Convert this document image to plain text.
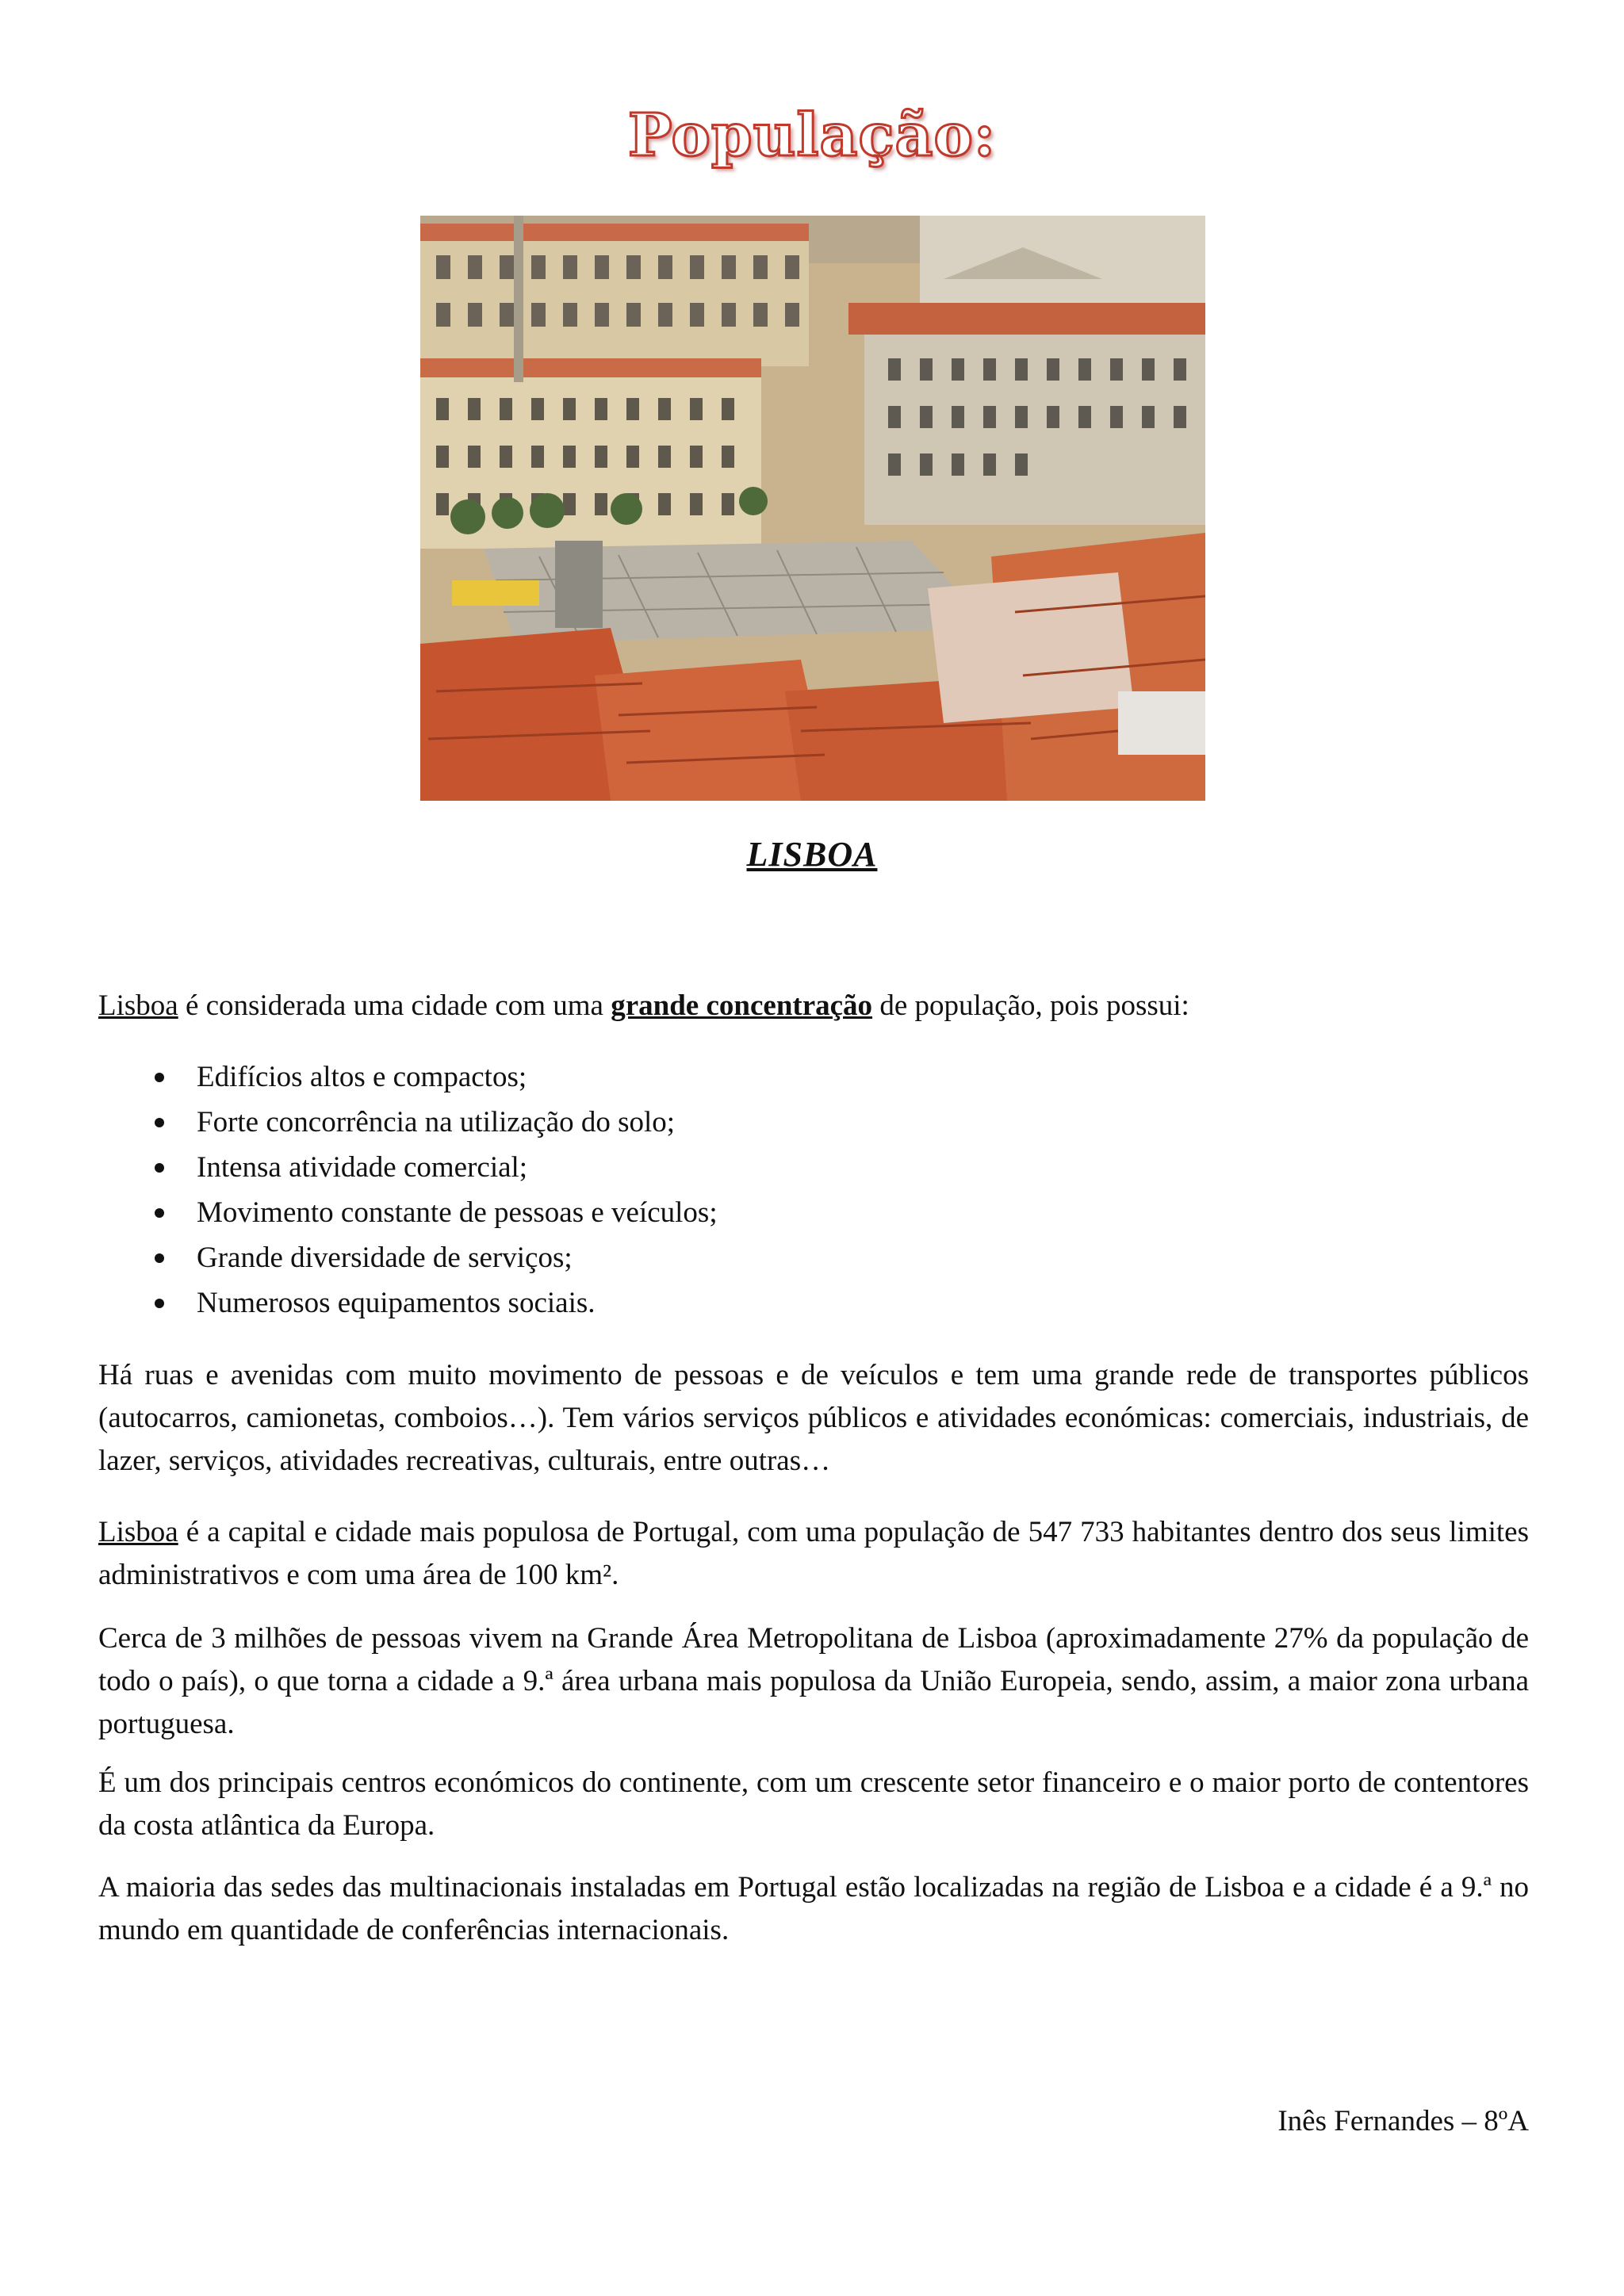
População:
LISBOA
Lisboa é considerada uma cidade com uma grande concentração de população, pois possui:
Edifícios altos e compactos;
Forte concorrência na utilização do solo;
Intensa atividade comercial;
Movimento constante de pessoas e veículos;
Grande diversidade de serviços;
Numerosos equipamentos sociais.
Há ruas e avenidas com muito movimento de pessoas e de veículos e tem uma grande rede de transportes públicos (autocarros, camionetas, comboios…). Tem vários serviços públicos e atividades económicas: comerciais, industriais, de lazer, serviços, atividades recreativas, culturais, entre outras…
Lisboa é a capital e cidade mais populosa de Portugal, com uma população de 547 733 habitantes dentro dos seus limites administrativos e com uma área de 100 km².
Cerca de 3 milhões de pessoas vivem na Grande Área Metropolitana de Lisboa (aproximadamente 27% da população de todo o país), o que torna a cidade a 9.ª área urbana mais populosa da União Europeia, sendo, assim, a maior zona urbana portuguesa.
É um dos principais centros económicos do continente, com um crescente setor financeiro e o maior porto de contentores da costa atlântica da Europa.
A maioria das sedes das multinacionais instaladas em Portugal estão localizadas na região de Lisboa e a cidade é a 9.ª no mundo em quantidade de conferências internacionais.
Inês Fernandes – 8ºA
